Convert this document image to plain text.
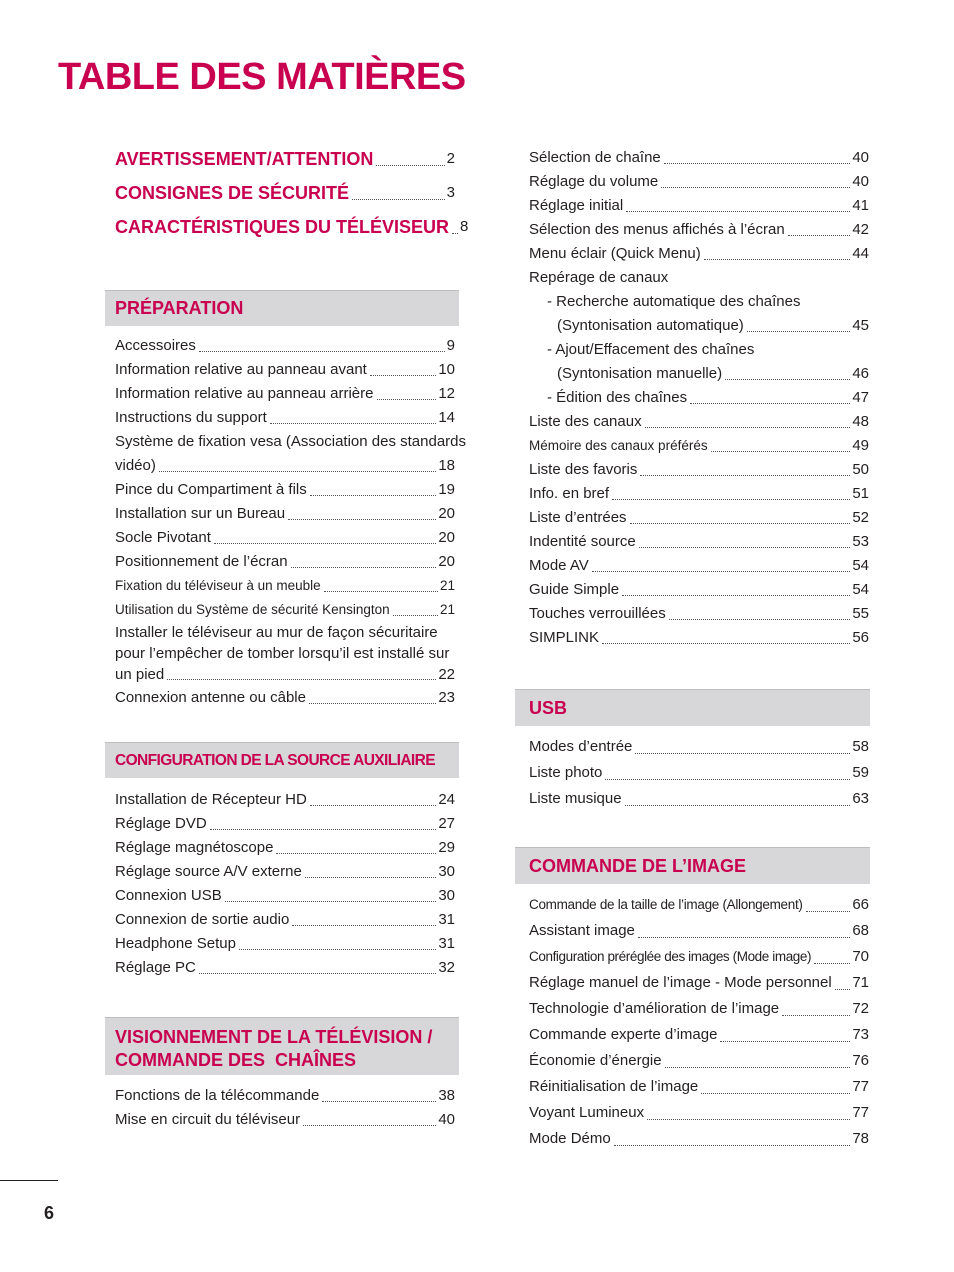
TABLE DES MATIÈRES
AVERTISSEMENT/ATTENTION	2
CONSIGNES DE SÉCURITÉ	3
CARACTÉRISTIQUES DU TÉLÉVISEUR 8
PRÉPARATION
Accessoires	9
Information relative au panneau avant	10
Information relative au panneau arrière	12
Instructions du support	14
Système de fixation vesa (Association des standards
vidéo)	18
Pince du Compartiment à fils	19
Installation sur un Bureau	20
Socle Pivotant	20
Positionnement de l’écran	20
Fixation du téléviseur à un meuble	21
Utilisation du Système de sécurité Kensington	21
Installer le téléviseur au mur de façon sécuritaire
pour l’empêcher de tomber lorsqu’il est installé sur
un pied	22
Connexion antenne ou câble	23
CONFIGURATION DE LA SOURCE AUXILIAIRE
Installation de Récepteur HD	24
Réglage DVD	27
Réglage magnétoscope	29
Réglage source A/V externe	30
Connexion USB	30
Connexion de sortie audio	31
Headphone Setup	31
Réglage PC	32
VISIONNEMENT DE LA TÉLÉVISION /
COMMANDE DES  CHAÎNES
Fonctions de la télécommande	38
Mise en circuit du téléviseur	40
Sélection de chaîne	40
Réglage du volume	40
Réglage initial	41
Sélection des menus affichés à l’écran	42
Menu éclair (Quick Menu)	44
Repérage de canaux
- Recherche automatique des chaînes
(Syntonisation automatique)	45
- Ajout/Effacement des chaînes
(Syntonisation manuelle)	46
- Édition des chaînes	47
Liste des canaux	48
Mémoire des canaux préférés	49
Liste des favoris	50
Info. en bref	51
Liste d’entrées	52
Indentité source	53
Mode AV	54
Guide Simple	54
Touches verrouillées	55
SIMPLINK	56
USB
Modes d’entrée	58
Liste photo	59
Liste musique	63
COMMANDE DE L’IMAGE
Commande de la taille de l’image (Allongement)	66
Assistant image	68
Configuration préréglée des images (Mode image)	70
Réglage manuel de l’image - Mode personnel 71
Technologie d’amélioration de l’image	72
Commande experte d’image	73
Économie d’énergie	76
Réinitialisation de l’image	77
Voyant Lumineux	77
Mode Démo	78
6
